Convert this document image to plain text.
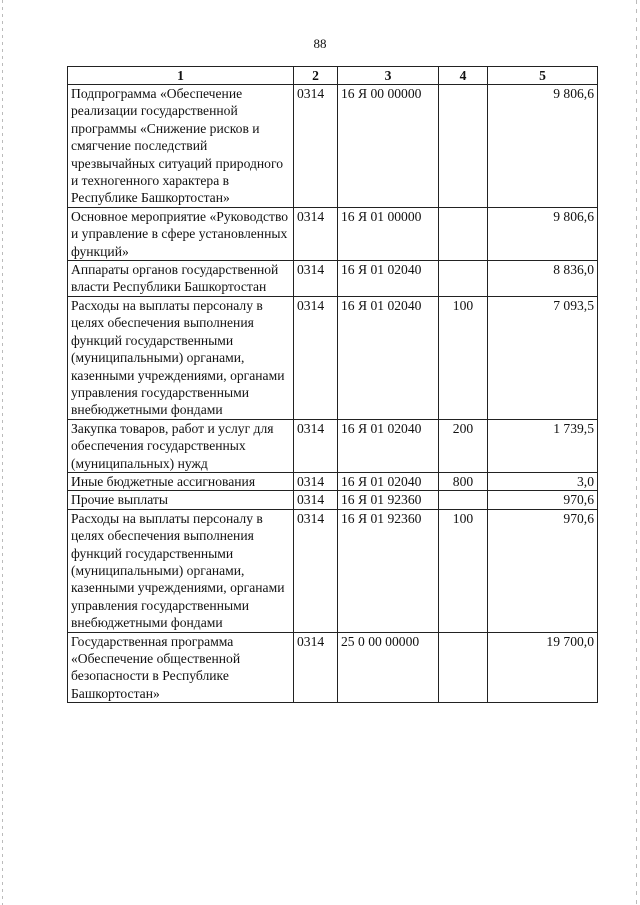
88
1	2	3	4	5
Подпрограмма «Обеспечение реализации государственной программы «Снижение рисков и смягчение последствий чрезвычайных ситуаций природного и техногенного характера в Республике Башкортостан»	0314	16 Я 00 00000		9 806,6
Основное мероприятие «Руководство и управление в сфере установленных функций»	0314	16 Я 01 00000		9 806,6
Аппараты органов государственной власти Республики Башкортостан	0314	16 Я 01 02040		8 836,0
Расходы на выплаты персоналу в целях обеспечения выполнения функций государственными (муниципальными) органами, казенными учреждениями, органами управления государственными внебюджетными фондами	0314	16 Я 01 02040	100	7 093,5
Закупка товаров, работ и услуг для обеспечения государственных (муниципальных) нужд	0314	16 Я 01 02040	200	1 739,5
Иные бюджетные ассигнования	0314	16 Я 01 02040	800	3,0
Прочие выплаты	0314	16 Я 01 92360		970,6
Расходы на выплаты персоналу в целях обеспечения выполнения функций государственными (муниципальными) органами, казенными учреждениями, органами управления государственными внебюджетными фондами	0314	16 Я 01 92360	100	970,6
Государственная программа «Обеспечение общественной безопасности в Республике Башкортостан»	0314	25 0 00 00000		19 700,0
